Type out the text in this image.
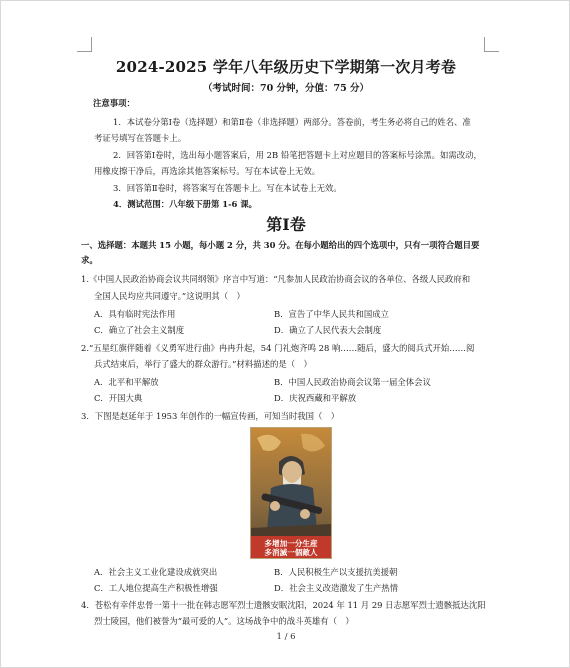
2024-2025 学年八年级历史下学期第一次月考卷
（考试时间：70 分钟，分值：75 分）
注意事项：
1．本试卷分第Ⅰ卷（选择题）和第Ⅱ卷（非选择题）两部分。答卷前，考生务必将自己的姓名、准
考证号填写在答题卡上。
2．回答第Ⅰ卷时，选出每小题答案后，用 2B 铅笔把答题卡上对应题目的答案标号涂黑。如需改动，
用橡皮擦干净后，再选涂其他答案标号。写在本试卷上无效。
3．回答第Ⅱ卷时，将答案写在答题卡上。写在本试卷上无效。
4．测试范围：八年级下册第 1-6 课。
第Ⅰ卷
一、选择题：本题共 15 小题，每小题 2 分，共 30 分。在每小题给出的四个选项中，只有一项符合题目要
求。
1.《中国人民政治协商会议共同纲领》序言中写道：“凡参加人民政治协商会议的各单位、各级人民政府和
全国人民均应共同遵守。”这说明其（　）
A．具有临时宪法作用	B．宣告了中华人民共和国成立
C．确立了社会主义制度	D．确立了人民代表大会制度
2.“五星红旗伴随着《义勇军进行曲》冉冉升起，54 门礼炮齐鸣 28 响……随后，盛大的阅兵式开始……阅
兵式结束后，举行了盛大的群众游行。”材料描述的是（　）
A．北平和平解放	B．中国人民政治协商会议第一届全体会议
C．开国大典	D．庆祝西藏和平解放
3．下图是赵延年于 1953 年创作的一幅宣传画，可知当时我国（　）
多增加一分生産
多消滅一個敵人
A．社会主义工业化建设成就突出	B．人民积极生产以支援抗美援朝
C．工人地位提高生产积极性增强	D．社会主义改造激发了生产热情
4．苍松有幸伴忠骨一第十一批在韩志愿军烈士遗骸安眠沈阳，2024 年 11 月 29 日志愿军烈士遗骸抵达沈阳
烈士陵园，他们被誉为“最可爱的人”。这场战争中的战斗英雄有（　）
1 / 6
